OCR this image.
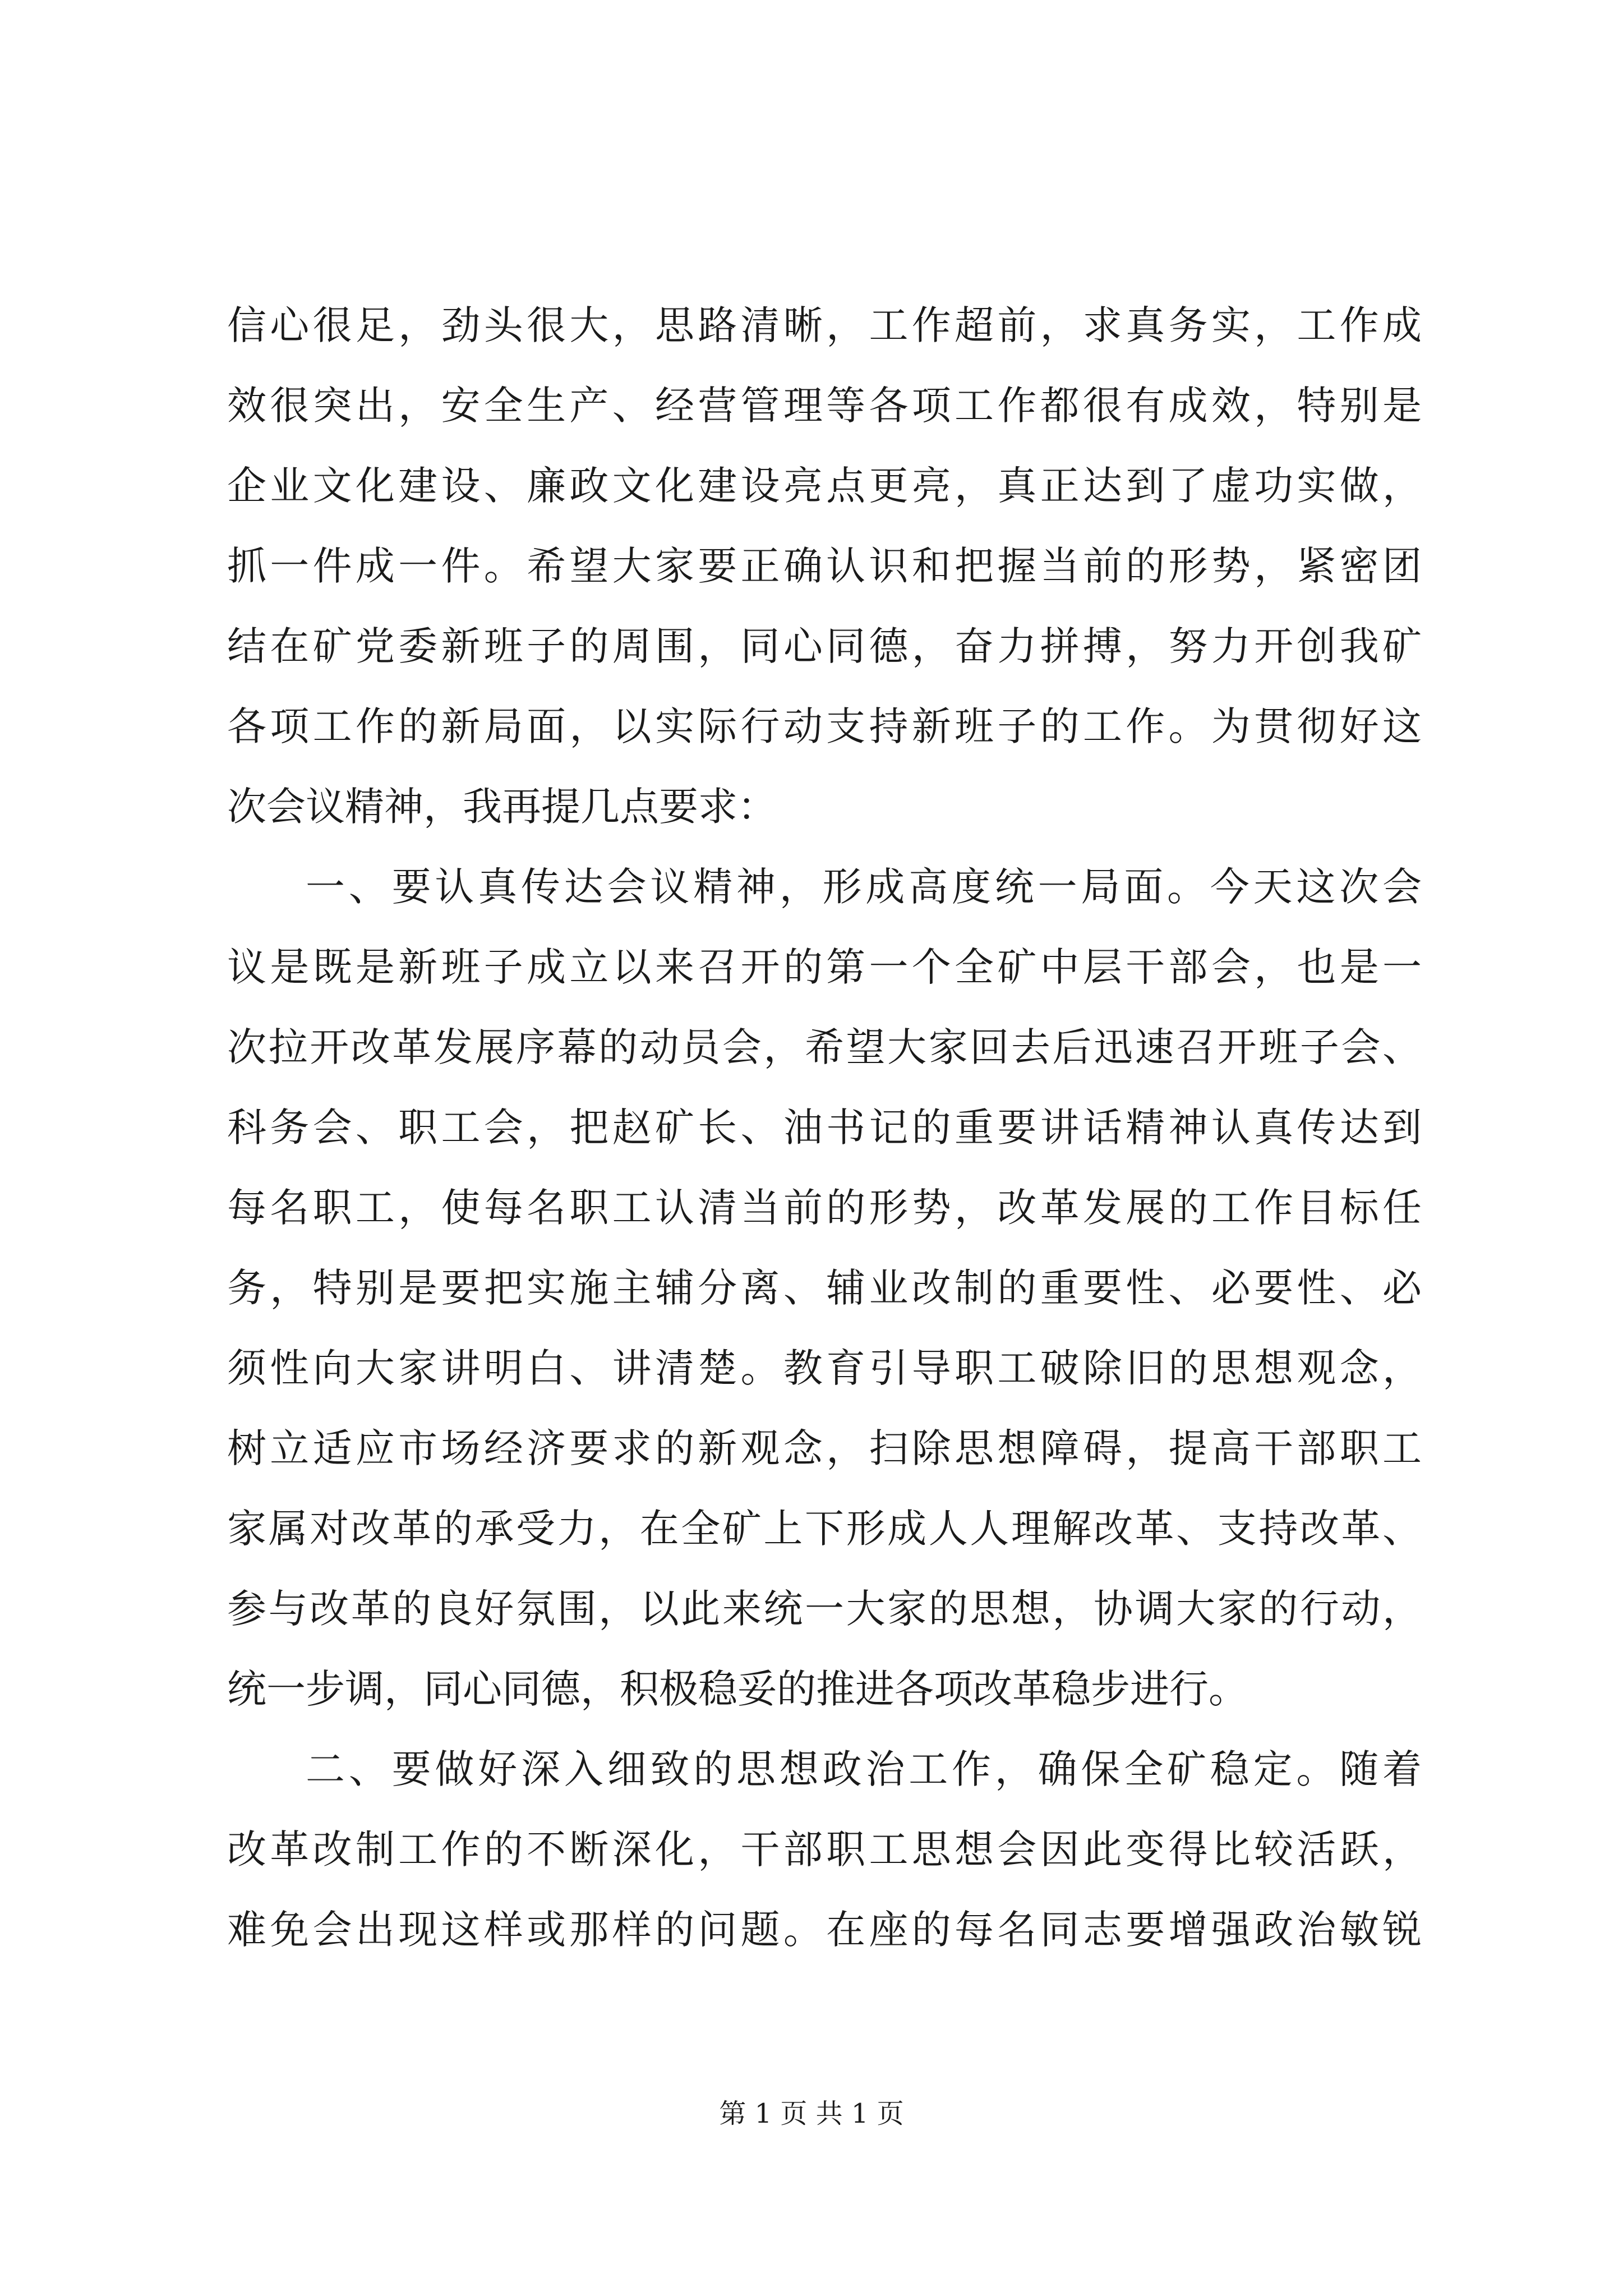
信心很足，劲头很大，思路清晰，工作超前，求真务实，工作成
效很突出，安全生产、经营管理等各项工作都很有成效，特别是
企业文化建设、廉政文化建设亮点更亮，真正达到了虚功实做，
抓一件成一件。希望大家要正确认识和把握当前的形势，紧密团
结在矿党委新班子的周围，同心同德，奋力拼搏，努力开创我矿
各项工作的新局面，以实际行动支持新班子的工作。为贯彻好这
次会议精神，我再提几点要求：
一、要认真传达会议精神，形成高度统一局面。今天这次会
议是既是新班子成立以来召开的第一个全矿中层干部会，也是一
次拉开改革发展序幕的动员会，希望大家回去后迅速召开班子会、
科务会、职工会，把赵矿长、油书记的重要讲话精神认真传达到
每名职工，使每名职工认清当前的形势，改革发展的工作目标任
务，特别是要把实施主辅分离、辅业改制的重要性、必要性、必
须性向大家讲明白、讲清楚。教育引导职工破除旧的思想观念，
树立适应市场经济要求的新观念，扫除思想障碍，提高干部职工
家属对改革的承受力，在全矿上下形成人人理解改革、支持改革、
参与改革的良好氛围，以此来统一大家的思想，协调大家的行动，
统一步调，同心同德，积极稳妥的推进各项改革稳步进行。
二、要做好深入细致的思想政治工作，确保全矿稳定。随着
改革改制工作的不断深化，干部职工思想会因此变得比较活跃，
难免会出现这样或那样的问题。在座的每名同志要增强政治敏锐
第 1 页 共 1 页
